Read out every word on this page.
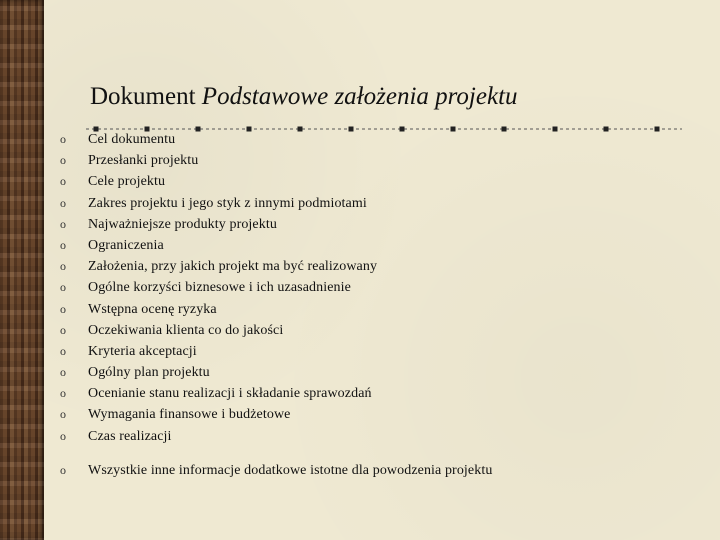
Dokument Podstawowe założenia projektu
o Cel dokumentu
o Przesłanki projektu
o Cele projektu
o Zakres projektu i jego styk z innymi podmiotami
o Najważniejsze produkty projektu
o Ograniczenia
o Założenia, przy jakich projekt ma być realizowany
o Ogólne korzyści biznesowe i ich uzasadnienie
o Wstępna ocenę ryzyka
o Oczekiwania klienta co do jakości
o Kryteria akceptacji
o Ogólny plan projektu
o Ocenianie stanu realizacji i składanie sprawozdań
o Wymagania finansowe i budżetowe
o Czas realizacji
o Wszystkie inne informacje dodatkowe istotne dla powodzenia projektu
